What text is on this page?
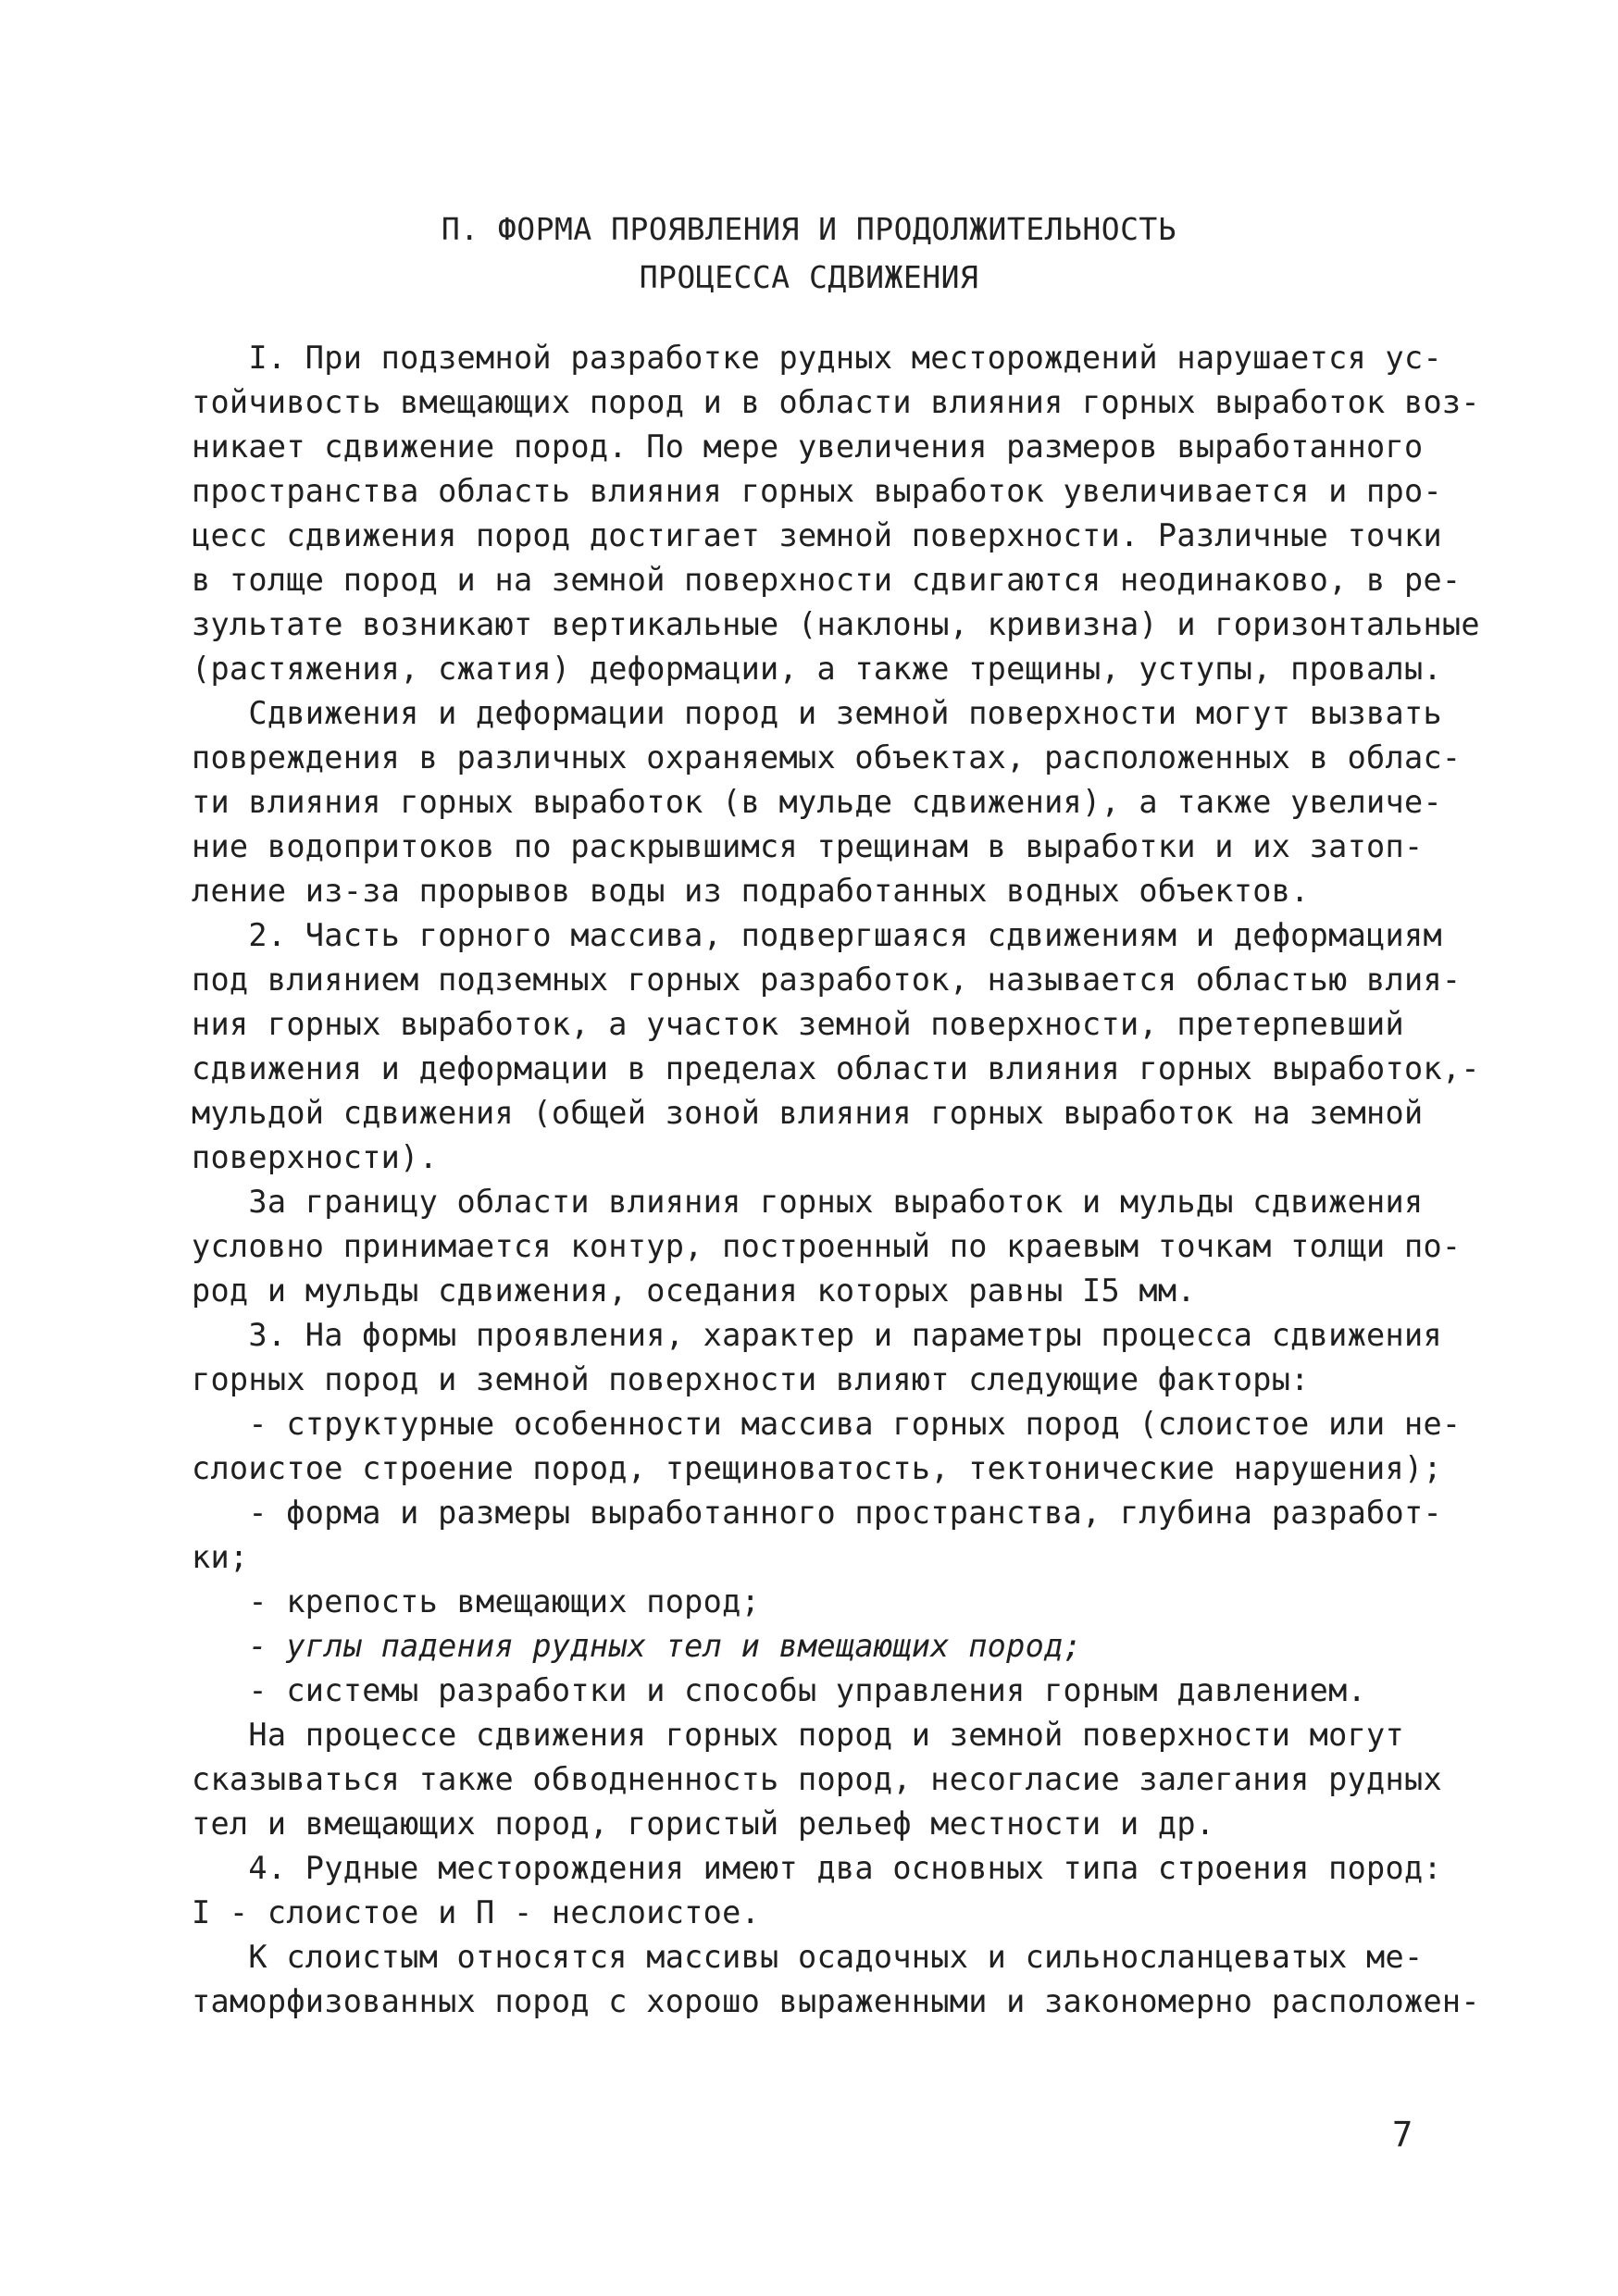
П. ФОРМА ПРОЯВЛЕНИЯ И ПРОДОЛЖИТЕЛЬНОСТЬ
ПРОЦЕССА СДВИЖЕНИЯ
I. При подземной разработке рудных месторождений нарушается ус-
тойчивость вмещающих пород и в области влияния горных выработок воз-
никает сдвижение пород. По мере увеличения размеров выработанного
пространства область влияния горных выработок увеличивается и про-
цесс сдвижения пород достигает земной поверхности. Различные точки
в толще пород и на земной поверхности сдвигаются неодинаково, в ре-
зультате возникают вертикальные (наклоны, кривизна) и горизонтальные
(растяжения, сжатия) деформации, а также трещины, уступы, провалы.
Сдвижения и деформации пород и земной поверхности могут вызвать
повреждения в различных охраняемых объектах, расположенных в облас-
ти влияния горных выработок (в мульде сдвижения), а также увеличе-
ние водопритоков по раскрывшимся трещинам в выработки и их затоп-
ление из-за прорывов воды из подработанных водных объектов.
2. Часть горного массива, подвергшаяся сдвижениям и деформациям
под влиянием подземных горных разработок, называется областью влия-
ния горных выработок, а участок земной поверхности, претерпевший
сдвижения и деформации в пределах области влияния горных выработок,-
мульдой сдвижения (общей зоной влияния горных выработок на земной
поверхности).
За границу области влияния горных выработок и мульды сдвижения
условно принимается контур, построенный по краевым точкам толщи по-
род и мульды сдвижения, оседания которых равны I5 мм.
3. На формы проявления, характер и параметры процесса сдвижения
горных пород и земной поверхности влияют следующие факторы:
- структурные особенности массива горных пород (слоистое или не-
слоистое строение пород, трещиноватость, тектонические нарушения);
- форма и размеры выработанного пространства, глубина разработ-
ки;
- крепость вмещающих пород;
- углы падения рудных тел и вмещающих пород;
- системы разработки и способы управления горным давлением.
На процессе сдвижения горных пород и земной поверхности могут
сказываться также обводненность пород, несогласие залегания рудных
тел и вмещающих пород, гористый рельеф местности и др.
4. Рудные месторождения имеют два основных типа строения пород:
I - слоистое и П - неслоистое.
К слоистым относятся массивы осадочных и сильносланцеватых ме-
таморфизованных пород с хорошо выраженными и закономерно расположен-
7
